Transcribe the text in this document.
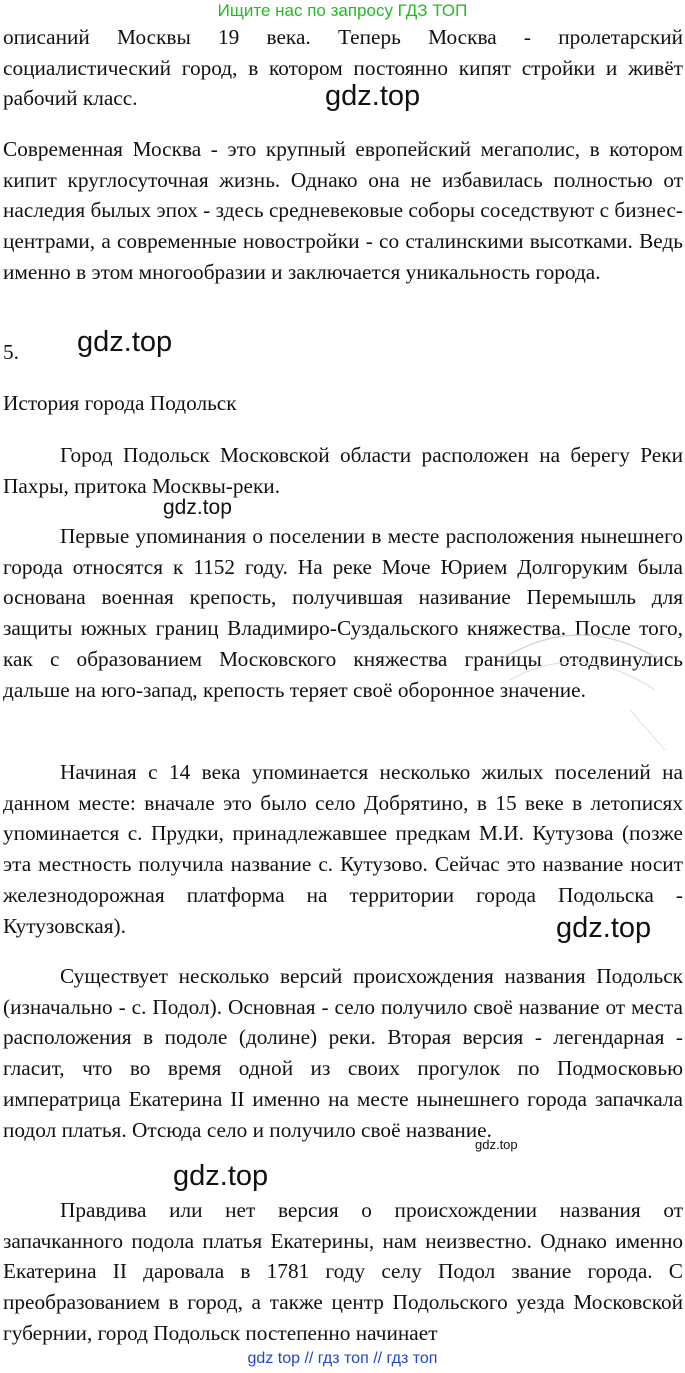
Ищите нас по запросу ГДЗ ТОП

описаний Москвы 19 века. Теперь Москва - пролетарский социалистический город, в котором постоянно кипят стройки и живёт рабочий класс.

Современная Москва - это крупный европейский мегаполис, в котором кипит круглосуточная жизнь. Однако она не избавилась полностью от наследия былых эпох - здесь средневековые соборы соседствуют с бизнес-центрами, а современные новостройки - со сталинскими высотками. Ведь именно в этом многообразии и заключается уникальность города.

5.
История города Подольск

Город Подольск Московской области расположен на берегу Реки Пахры, притока Москвы-реки.

Первые упоминания о поселении в месте расположения нынешнего города относятся к 1152 году. На реке Моче Юрием Долгоруким была основана военная крепость, получившая називание Перемышль для защиты южных границ Владимиро-Суздальского княжества. После того, как с образованием Московского княжества границы отодвинулись дальше на юго-запад, крепость теряет своё оборонное значение.

Начиная с 14 века упоминается несколько жилых поселений на данном месте: вначале это было село Добрятино, в 15 веке в летописях упоминается с. Прудки, принадлежавшее предкам М.И. Кутузова (позже эта местность получила название с. Кутузово. Сейчас это название носит железнодорожная платформа на территории города Подольска - Кутузовская).

Существует несколько версий происхождения названия Подольск (изначально - с. Подол). Основная - село получило своё название от места расположения в подоле (долине) реки. Вторая версия - легендарная - гласит, что во время одной из своих прогулок по Подмосковью императрица Екатерина II именно на месте нынешнего города запачкала подол платья. Отсюда село и получило своё название.

Правдива или нет версия о происхождении названия от запачканного подола платья Екатерины, нам неизвестно. Однако именно Екатерина II даровала в 1781 году селу Подол звание города. С преобразованием в город, а также центр Подольского уезда Московской губернии, город Подольск постепенно начинает

gdz.top
gdz.top
gdz.top
gdz.top
gdz.top
gdz.top
gdz top // гдз топ // гдз топ
